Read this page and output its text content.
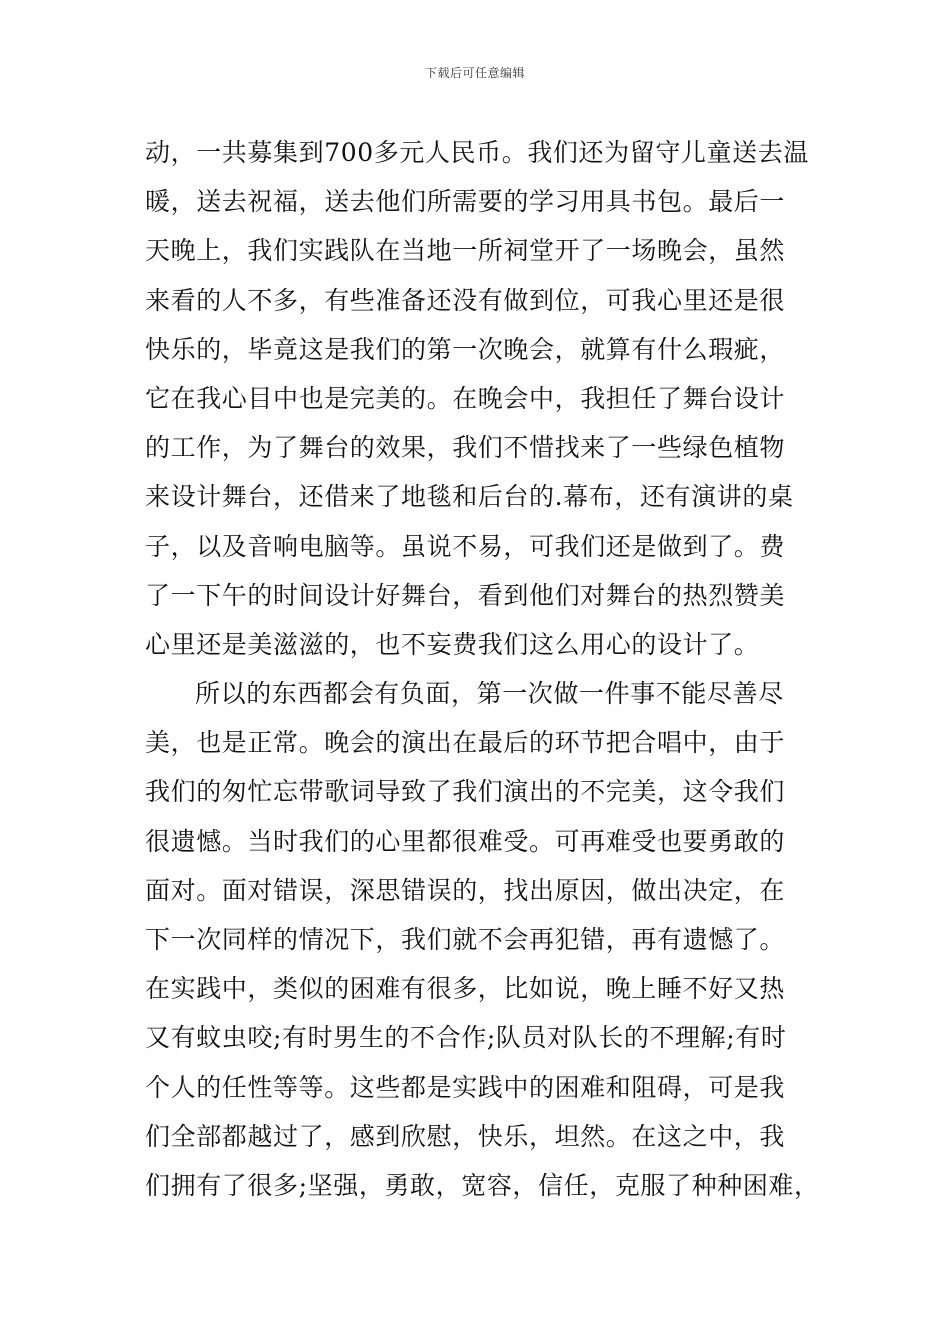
下载后可任意编辑
动，一共募集到700多元人民币。我们还为留守儿童送去温
暖，送去祝福，送去他们所需要的学习用具书包。最后一
天晚上，我们实践队在当地一所祠堂开了一场晚会，虽然
来看的人不多，有些准备还没有做到位，可我心里还是很
快乐的，毕竟这是我们的第一次晚会，就算有什么瑕疵，
它在我心目中也是完美的。在晚会中，我担任了舞台设计
的工作，为了舞台的效果，我们不惜找来了一些绿色植物
来设计舞台，还借来了地毯和后台的.幕布，还有演讲的桌
子，以及音响电脑等。虽说不易，可我们还是做到了。费
了一下午的时间设计好舞台，看到他们对舞台的热烈赞美
心里还是美滋滋的，也不妄费我们这么用心的设计了。
所以的东西都会有负面，第一次做一件事不能尽善尽
美，也是正常。晚会的演出在最后的环节把合唱中，由于
我们的匆忙忘带歌词导致了我们演出的不完美，这令我们
很遗憾。当时我们的心里都很难受。可再难受也要勇敢的
面对。面对错误，深思错误的，找出原因，做出决定，在
下一次同样的情况下，我们就不会再犯错，再有遗憾了。
在实践中，类似的困难有很多，比如说，晚上睡不好又热
又有蚊虫咬;有时男生的不合作;队员对队长的不理解;有时
个人的任性等等。这些都是实践中的困难和阻碍，可是我
们全部都越过了，感到欣慰，快乐，坦然。在这之中，我
们拥有了很多;坚强，勇敢，宽容，信任，克服了种种困难，
